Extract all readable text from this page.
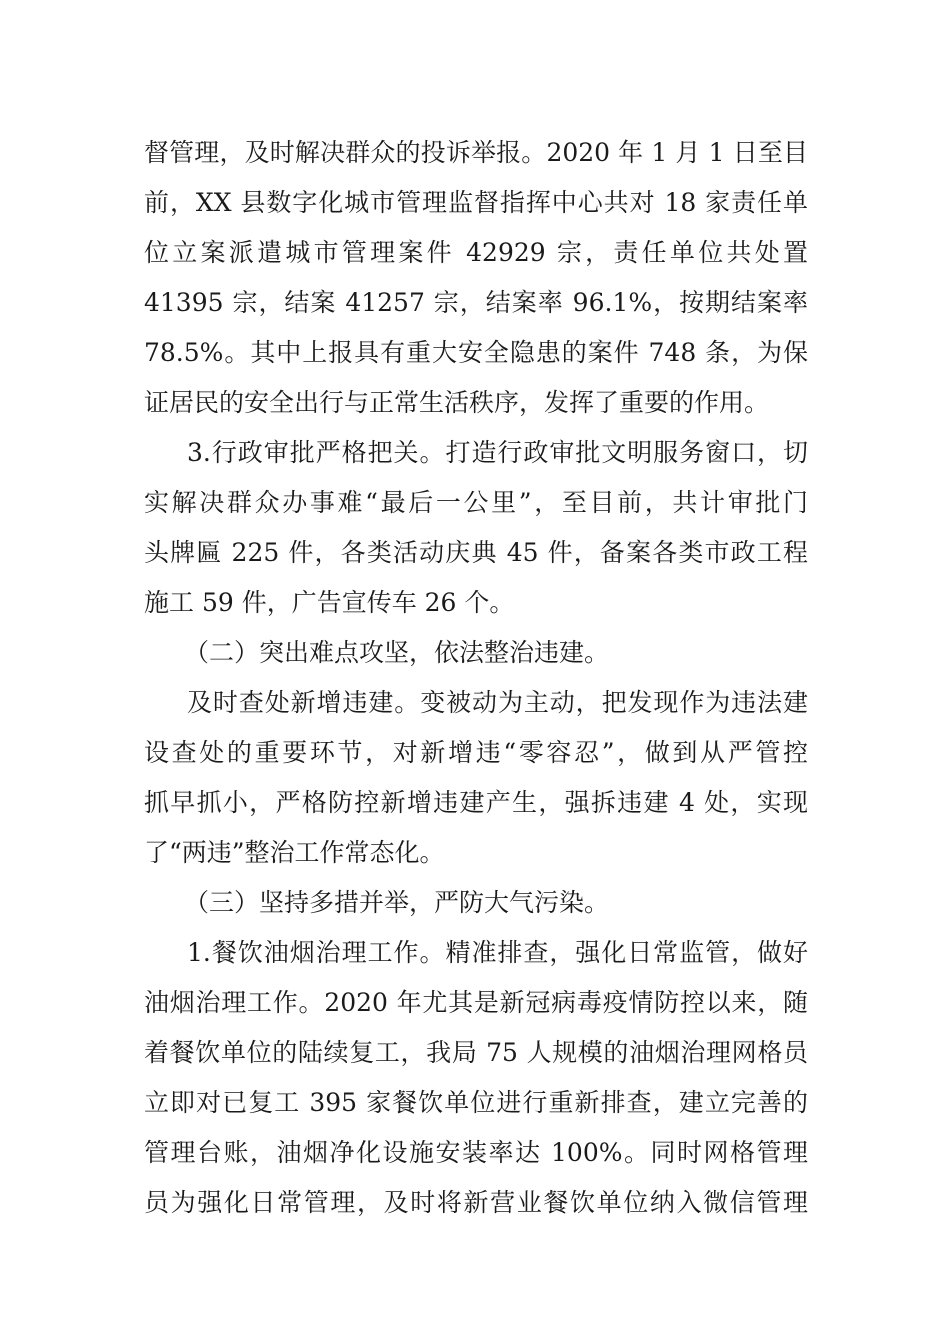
督管理，及时解决群众的投诉举报。2020 年 1 月 1 日至目
前，XX 县数字化城市管理监督指挥中心共对 18 家责任单
位立案派遣城市管理案件 42929 宗，责任单位共处置
41395 宗，结案 41257 宗，结案率 96.1%，按期结案率
78.5%。其中上报具有重大安全隐患的案件 748 条，为保
证居民的安全出行与正常生活秩序，发挥了重要的作用。
3.行政审批严格把关。打造行政审批文明服务窗口，切
实解决群众办事难“最后一公里”，至目前，共计审批门
头牌匾 225 件，各类活动庆典 45 件，备案各类市政工程
施工 59 件，广告宣传车 26 个。
（二）突出难点攻坚，依法整治违建。
及时查处新增违建。变被动为主动，把发现作为违法建
设查处的重要环节，对新增违“零容忍”，做到从严管控
抓早抓小，严格防控新增违建产生，强拆违建 4 处，实现
了“两违”整治工作常态化。
（三）坚持多措并举，严防大气污染。
1.餐饮油烟治理工作。精准排查，强化日常监管，做好
油烟治理工作。2020 年尤其是新冠病毒疫情防控以来，随
着餐饮单位的陆续复工，我局 75 人规模的油烟治理网格员
立即对已复工 395 家餐饮单位进行重新排查，建立完善的
管理台账，油烟净化设施安装率达 100%。同时网格管理
员为强化日常管理，及时将新营业餐饮单位纳入微信管理
